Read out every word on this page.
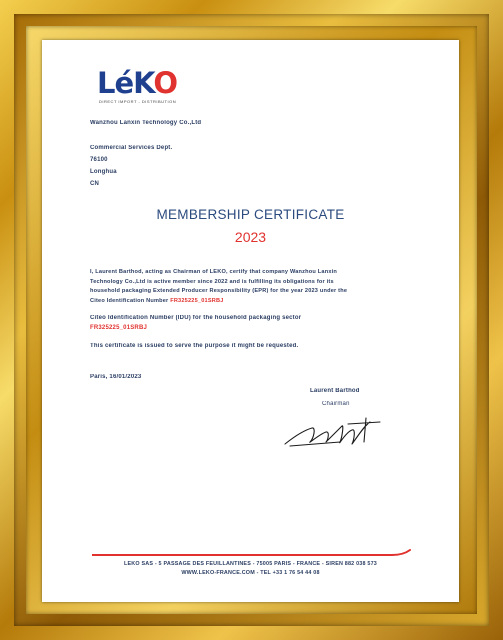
LéKO
DIRECT IMPORT - DISTRIBUTION
Wanzhou Lanxin Technology Co.,Ltd
Commercial Services Dept.
76100
Longhua
CN
MEMBERSHIP CERTIFICATE
2023
I, Laurent Barthod, acting as Chairman of LEKO, certify that company Wanzhou Lanxin
Technology Co.,Ltd is active member since 2022 and is fulfilling its obligations for its
household packaging Extended Producer Responsibility (EPR) for the year 2023 under the
Citeo Identification Number FR325225_01SRBJ
Citeo Identification Number (IDU) for the household packaging sector
FR325225_01SRBJ
This certificate is issued to serve the purpose it might be requested.
Paris, 16/01/2023
Laurent Barthod
Chairman
LEKO SAS - 5 PASSAGE DES FEUILLANTINES - 75005 PARIS - FRANCE - SIREN 882 038 573
WWW.LEKO-FRANCE.COM - TEL +33 1 76 54 44 08
